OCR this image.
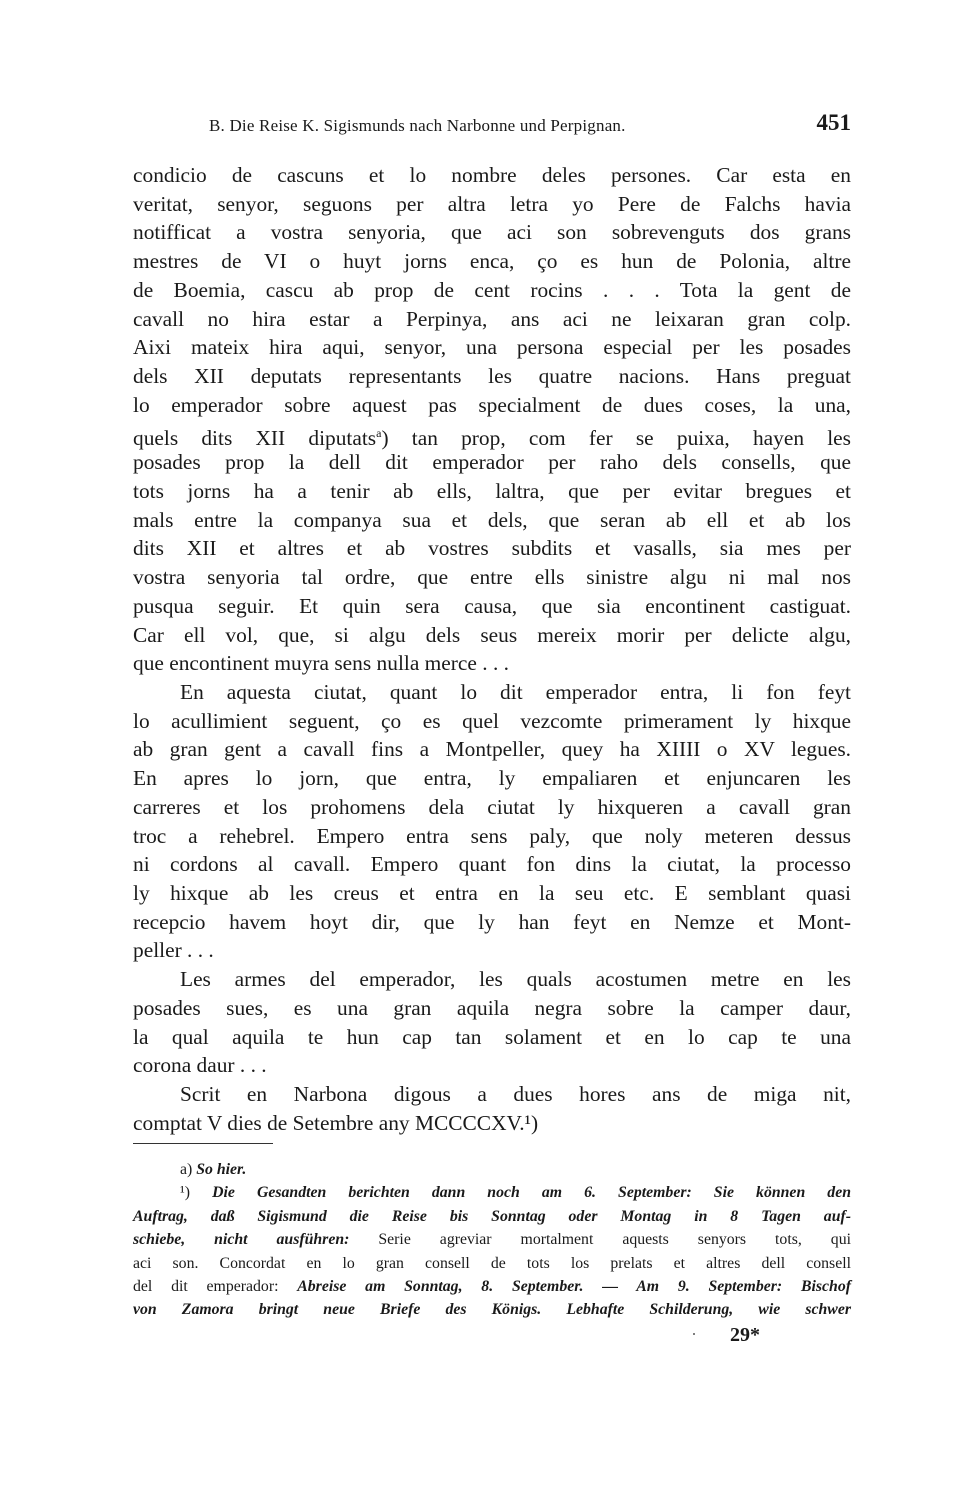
B. Die Reise K. Sigismunds nach Narbonne und Perpignan.	451
condicio de cascuns et lo nombre deles persones. Car esta en
veritat, senyor, seguons per altra letra yo Pere de Falchs havia
notifficat a vostra senyoria, que aci son sobrevenguts dos grans
mestres de VI o huyt jorns enca, ço es hun de Polonia, altre
de Boemia, cascu ab prop de cent rocins . . . Tota la gent de
cavall no hira estar a Perpinya, ans aci ne leixaran gran colp.
Aixi mateix hira aqui, senyor, una persona especial per les posades
dels XII deputats representants les quatre nacions. Hans preguat
lo emperador sobre aquest pas specialment de dues coses, la una,
quels dits XII diputats$^a$) tan prop, com fer se puixa, hayen les
posades prop la dell dit emperador per raho dels consells, que
tots jorns ha a tenir ab ells, laltra, que per evitar bregues et
mals entre la companya sua et dels, que seran ab ell et ab los
dits XII et altres et ab vostres subdits et vasalls, sia mes per
vostra senyoria tal ordre, que entre ells sinistre algu ni mal nos
pusqua seguir. Et quin sera causa, que sia encontinent castiguat.
Car ell vol, que, si algu dels seus mereix morir per delicte algu,
que encontinent muyra sens nulla merce . . .
En aquesta ciutat, quant lo dit emperador entra, li fon feyt
lo acullimient seguent, ço es quel vezcomte primerament ly hixque
ab gran gent a cavall fins a Montpeller, quey ha XIIII o XV legues.
En apres lo jorn, que entra, ly empaliaren et enjuncaren les
carreres et los prohomens dela ciutat ly hixqueren a cavall gran
troc a rehebrel. Empero entra sens paly, que noly meteren dessus
ni cordons al cavall. Empero quant fon dins la ciutat, la processo
ly hixque ab les creus et entra en la seu etc. E semblant quasi
recepcio havem hoyt dir, que ly han feyt en Nemze et Mont-
peller . . .
Les armes del emperador, les quals acostumen metre en les
posades sues, es una gran aquila negra sobre la camper daur,
la qual aquila te hun cap tan solament et en lo cap te una
corona daur . . .
Scrit en Narbona digous a dues hores ans de miga nit,
comptat V dies de Setembre any MCCCCXV.¹)
a) So hier.
¹) Die Gesandten berichten dann noch am 6. September: Sie können den
Auftrag, daß Sigismund die Reise bis Sonntag oder Montag in 8 Tagen auf-
schiebe, nicht ausführen: Serie agreviar mortalment aquests senyors tots, qui
aci son. Concordat en lo gran consell de tots los prelats et altres dell consell
del dit emperador: Abreise am Sonntag, 8. September. — Am 9. September: Bischof
von Zamora bringt neue Briefe des Königs. Lebhafte Schilderung, wie schwer
29*
